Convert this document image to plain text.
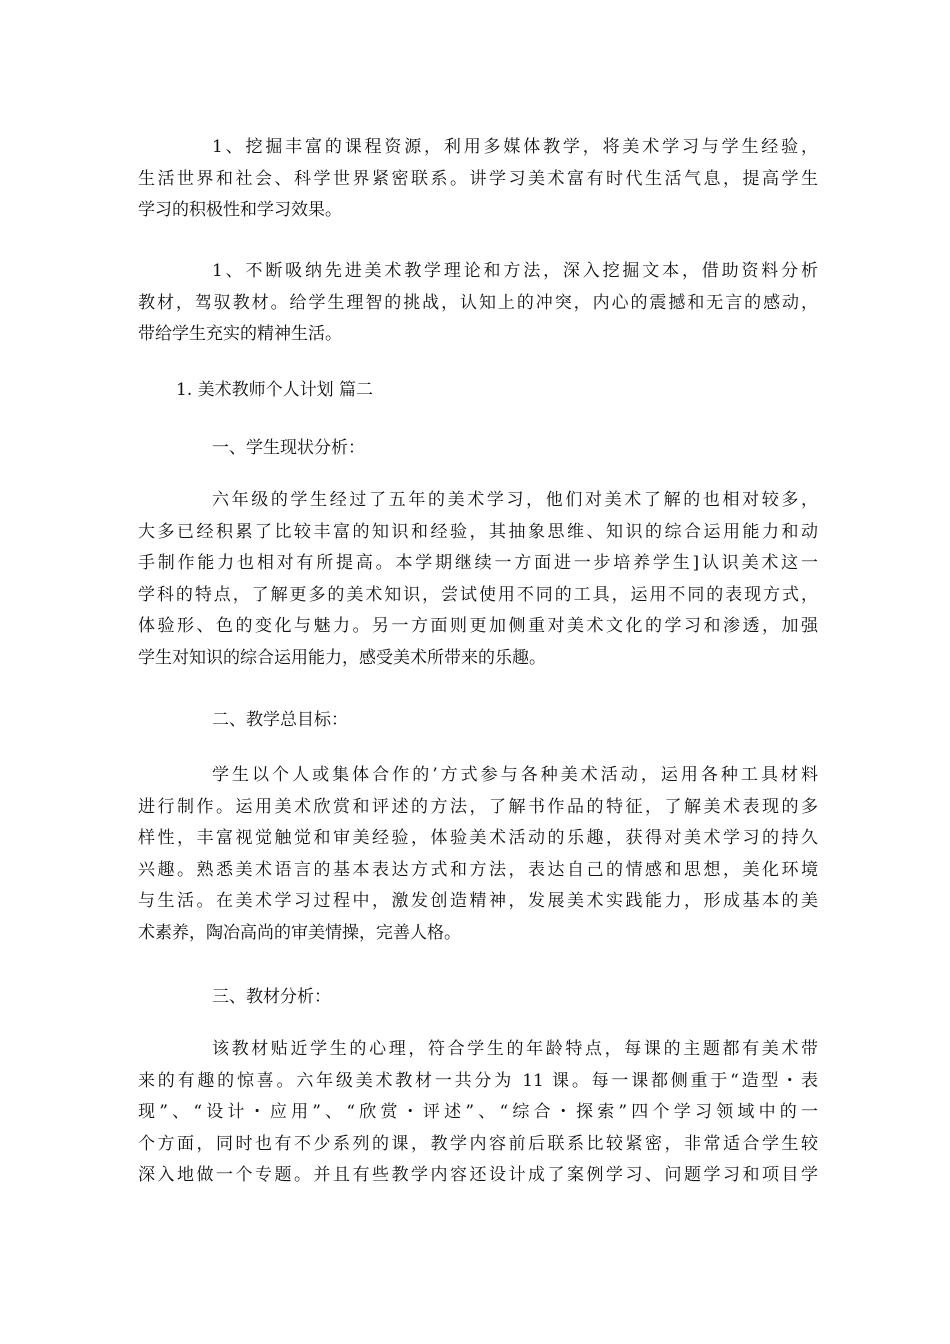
1、挖掘丰富的课程资源，利用多媒体教学，将美术学习与学生经验，
生活世界和社会、科学世界紧密联系。讲学习美术富有时代生活气息，提高学生
学习的积极性和学习效果。

1、不断吸纳先进美术教学理论和方法，深入挖掘文本，借助资料分析
教材，驾驭教材。给学生理智的挑战，认知上的冲突，内心的震撼和无言的感动，
带给学生充实的精神生活。

1. 美术教师个人计划 篇二

一、学生现状分析：

六年级的学生经过了五年的美术学习，他们对美术了解的也相对较多，
大多已经积累了比较丰富的知识和经验，其抽象思维、知识的综合运用能力和动
手制作能力也相对有所提高。本学期继续一方面进一步培养学生]认识美术这一
学科的特点，了解更多的美术知识，尝试使用不同的工具，运用不同的表现方式，
体验形、色的变化与魅力。另一方面则更加侧重对美术文化的学习和渗透，加强
学生对知识的综合运用能力，感受美术所带来的乐趣。

二、教学总目标：

学生以个人或集体合作的’方式参与各种美术活动，运用各种工具材料
进行制作。运用美术欣赏和评述的方法，了解书作品的特征，了解美术表现的多
样性，丰富视觉触觉和审美经验，体验美术活动的乐趣，获得对美术学习的持久
兴趣。熟悉美术语言的基本表达方式和方法，表达自己的情感和思想，美化环境
与生活。在美术学习过程中，激发创造精神，发展美术实践能力，形成基本的美
术素养，陶冶高尚的审美情操，完善人格。

三、教材分析：

该教材贴近学生的心理，符合学生的年龄特点，每课的主题都有美术带
来的有趣的惊喜。六年级美术教材一共分为 11 课。每一课都侧重于“造型・表
现”、“设计・应用”、“欣赏・评述”、“综合・探索”四个学习领域中的一
个方面，同时也有不少系列的课，教学内容前后联系比较紧密，非常适合学生较
深入地做一个专题。并且有些教学内容还设计成了案例学习、问题学习和项目学
